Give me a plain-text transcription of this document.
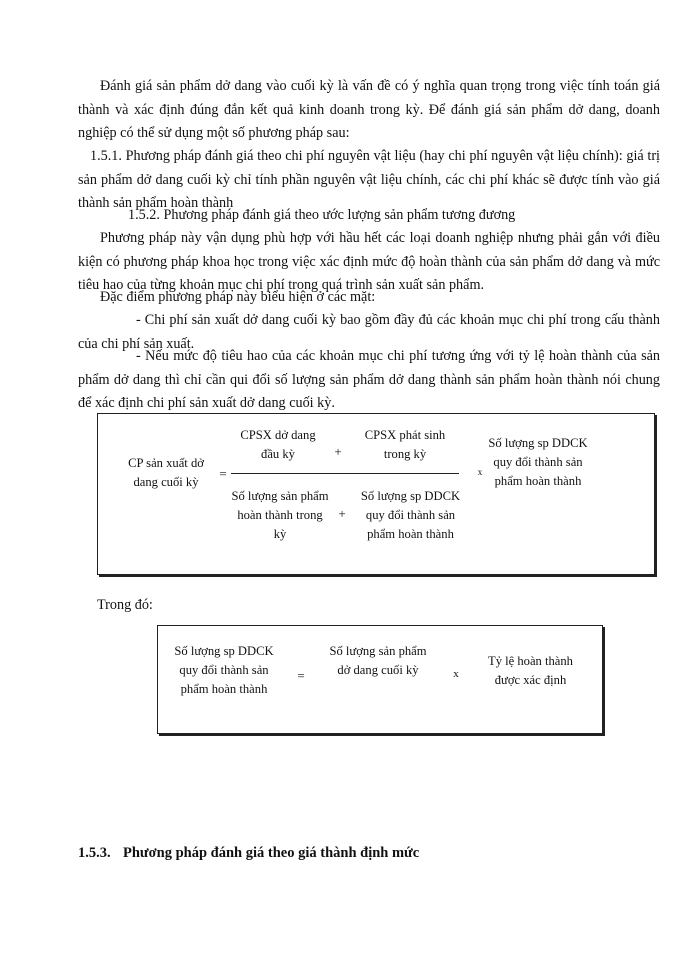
Đánh giá sản phẩm dở dang vào cuối kỳ là vấn đề có ý nghĩa quan trọng trong việc tính toán giá thành và xác định đúng đắn kết quả kinh doanh trong kỳ. Để đánh giá sản phẩm dở dang, doanh nghiệp có thể sử dụng một số phương pháp sau:

1.5.1. Phương pháp đánh giá theo chi phí nguyên vật liệu (hay chi phí nguyên vật liệu chính): giá trị sản phẩm dở dang cuối kỳ chỉ tính phần nguyên vật liệu chính, các chi phí khác sẽ được tính vào giá thành sản phẩm hoàn thành

1.5.2. Phương pháp đánh giá theo ước lượng sản phẩm tương đương

Phương pháp này vận dụng phù hợp với hầu hết các loại doanh nghiệp nhưng phải gắn với điều kiện có phương pháp khoa học trong việc xác định mức độ hoàn thành của sản phẩm dở dang và mức tiêu hao của từng khoản mục chi phí trong quá trình sản xuất sản phẩm.

Đặc điểm phương pháp này biểu hiện ở các mặt:

- Chi phí sản xuất dở dang cuối kỳ bao gồm đầy đủ các khoản mục chi phí trong cấu thành của chi phí sản xuất.

- Nếu mức độ tiêu hao của các khoản mục chi phí tương ứng với tỷ lệ hoàn thành của sản phẩm dở dang thì chỉ cần qui đổi số lượng sản phẩm dở dang thành sản phẩm hoàn thành nói chung để xác định chi phí sản xuất dở dang cuối kỳ.

CP sản xuất dở dang cuối kỳ
=
CPSX dở dang đầu kỳ	+
CPSX phát sinh trong kỳ
Số lượng sản phẩm hoàn thành trong kỳ
+
Số lượng sp DDCK quy đổi thành sản phẩm hoàn thành
x
Số lượng sp DDCK quy đổi thành sản phẩm hoàn thành

Trong đó:

Số lượng sp DDCK quy đổi thành sản phẩm hoàn thành
=
Số lượng sản phẩm dở dang cuối kỳ	x
Tỷ lệ hoàn thành được xác định
1.5.3. Phương pháp đánh giá theo giá thành định mức
